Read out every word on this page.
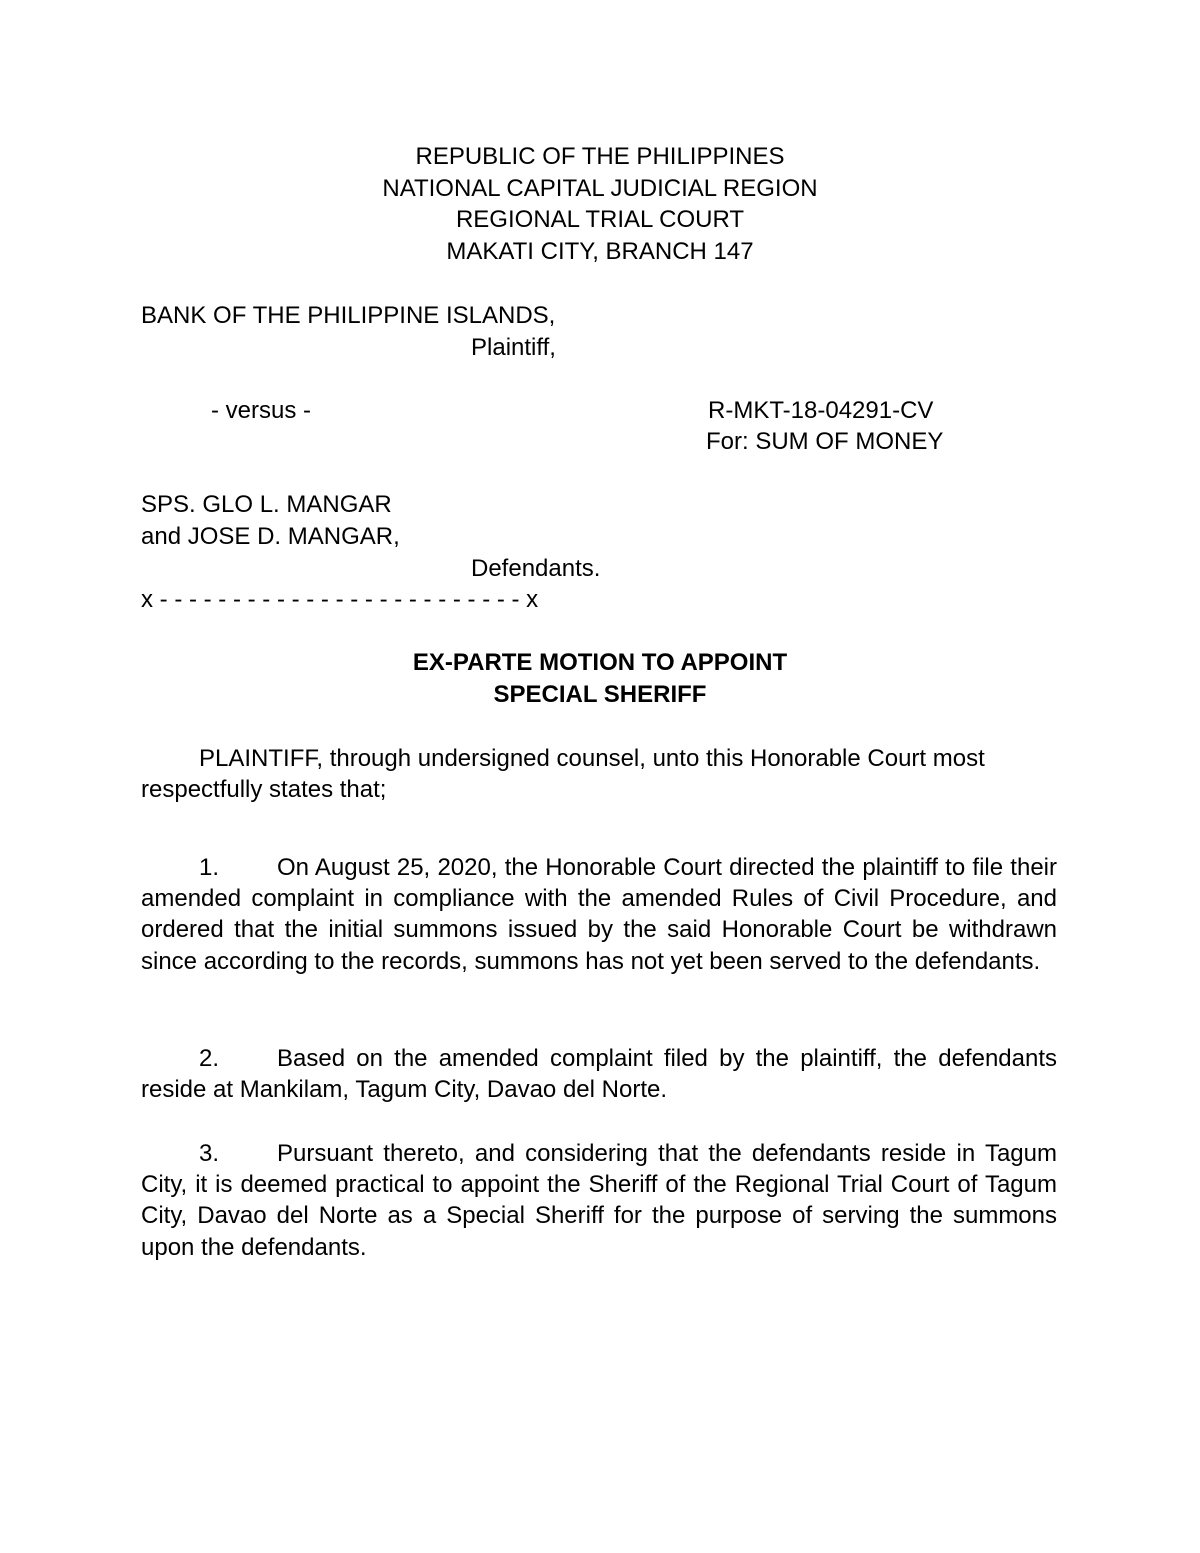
REPUBLIC OF THE PHILIPPINES
NATIONAL CAPITAL JUDICIAL REGION
REGIONAL TRIAL COURT
MAKATI CITY, BRANCH 147
BANK OF THE PHILIPPINE ISLANDS,
Plaintiff,
- versus -	R-MKT-18-04291-CV
For: SUM OF MONEY
SPS. GLO L. MANGAR
and JOSE D. MANGAR,
Defendants.
x - - - - - - - - - - - - - - - - - - - - - - - - - x
EX-PARTE MOTION TO APPOINT
SPECIAL SHERIFF
PLAINTIFF, through undersigned counsel, unto this Honorable Court most respectfully states that;
1. On August 25, 2020, the Honorable Court directed the plaintiff to file their amended complaint in compliance with the amended Rules of Civil Procedure, and ordered that the initial summons issued by the said Honorable Court be withdrawn since according to the records, summons has not yet been served to the defendants.
2. Based on the amended complaint filed by the plaintiff, the defendants reside at Mankilam, Tagum City, Davao del Norte.
3. Pursuant thereto, and considering that the defendants reside in Tagum City, it is deemed practical to appoint the Sheriff of the Regional Trial Court of Tagum City, Davao del Norte as a Special Sheriff for the purpose of serving the summons upon the defendants.
